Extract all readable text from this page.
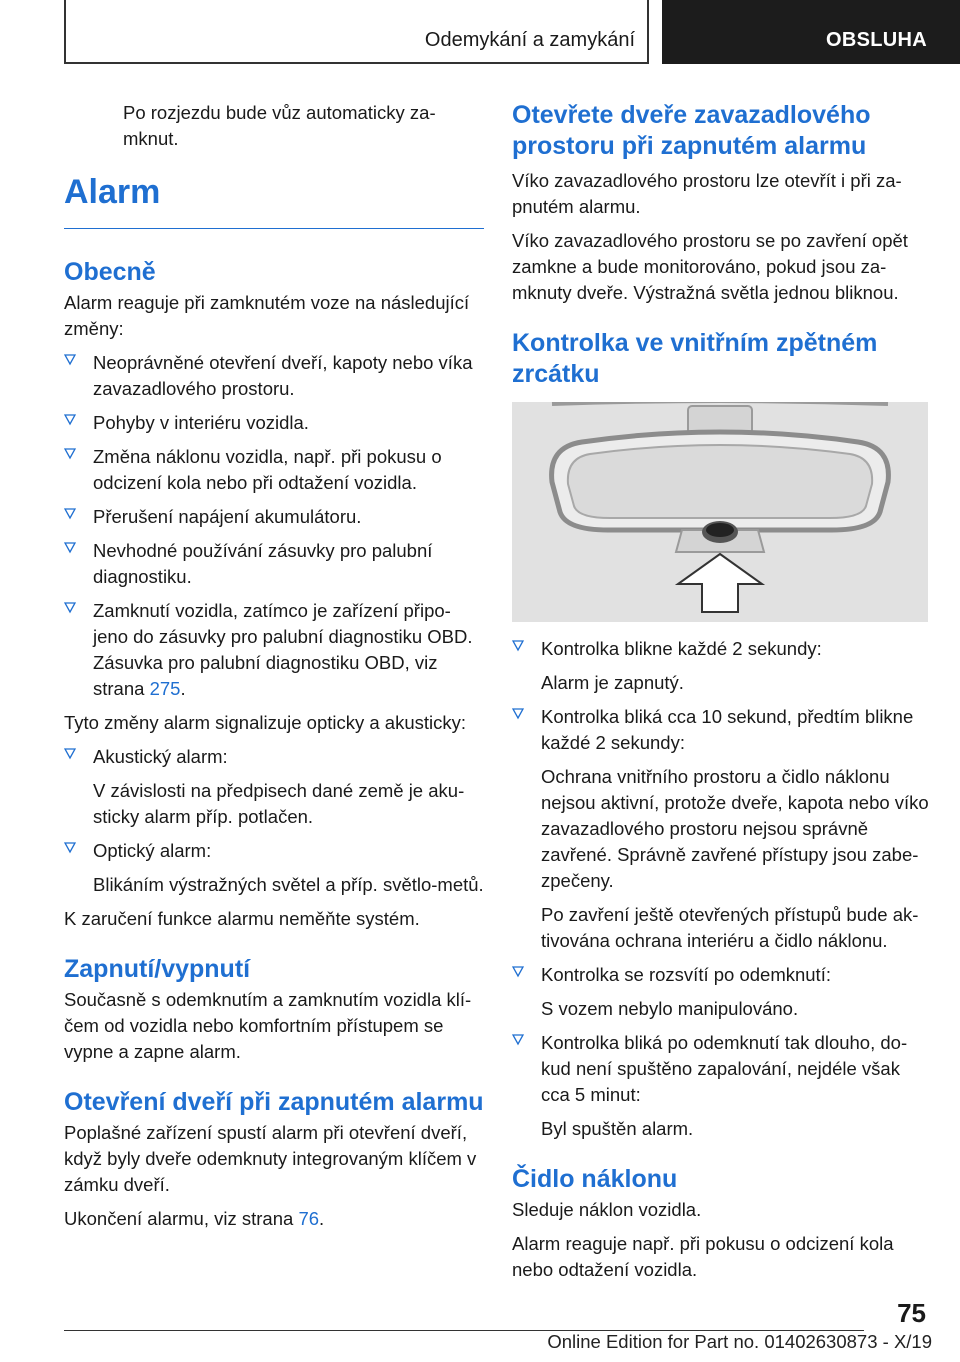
Odemykání a zamykání	OBSLUHA

Po rozjezdu bude vůz automaticky za-
mknut.

Alarm
Obecně

Alarm reaguje při zamknutém voze na následující změny:

Neoprávněné otevření dveří, kapoty nebo víka zavazadlového prostoru.
Pohyby v interiéru vozidla.
Změna náklonu vozidla, např. při pokusu o odcizení kola nebo při odtažení vozidla.
Přerušení napájení akumulátoru.
Nevhodné používání zásuvky pro palubní diagnostiku.
Zamknutí vozidla, zatímco je zařízení připo-jeno do zásuvky pro palubní diagnostiku OBD. Zásuvka pro palubní diagnostiku OBD, viz strana 275.

Tyto změny alarm signalizuje opticky a akusticky:

Akustický alarm:

V závislosti na předpisech dané země je aku-sticky alarm příp. potlačen.

Optický alarm:

Blikáním výstražných světel a příp. světlo-metů.

K zaručení funkce alarmu neměňte systém.

Zapnutí/vypnutí

Současně s odemknutím a zamknutím vozidla klí-čem od vozidla nebo komfortním přístupem se vypne a zapne alarm.

Otevření dveří při zapnutém alarmu

Poplašné zařízení spustí alarm při otevření dveří, když byly dveře odemknuty integrovaným klíčem v zámku dveří.

Ukončení alarmu, viz strana 76.

Otevřete dveře zavazadlového prostoru při zapnutém alarmu

Víko zavazadlového prostoru lze otevřít i při za-pnutém alarmu.

Víko zavazadlového prostoru se po zavření opět zamkne a bude monitorováno, pokud jsou za-mknuty dveře. Výstražná světla jednou bliknou.

Kontrolka ve vnitřním zpětném zrcátku
Kontrolka blikne každé 2 sekundy:

Alarm je zapnutý.

Kontrolka bliká cca 10 sekund, předtím blikne každé 2 sekundy:

Ochrana vnitřního prostoru a čidlo náklonu nejsou aktivní, protože dveře, kapota nebo víko zavazadlového prostoru nejsou správně zavřené. Správně zavřené přístupy jsou zabe-zpečeny.

Po zavření ještě otevřených přístupů bude ak-tivována ochrana interiéru a čidlo náklonu.

Kontrolka se rozsvítí po odemknutí:

S vozem nebylo manipulováno.

Kontrolka bliká po odemknutí tak dlouho, do-kud není spuštěno zapalování, nejdéle však cca 5 minut:

Byl spuštěn alarm.

Čidlo náklonu

Sleduje náklon vozidla.

Alarm reaguje např. při pokusu o odcizení kola nebo odtažení vozidla.

75
Online Edition for Part no. 01402630873 - X/19
